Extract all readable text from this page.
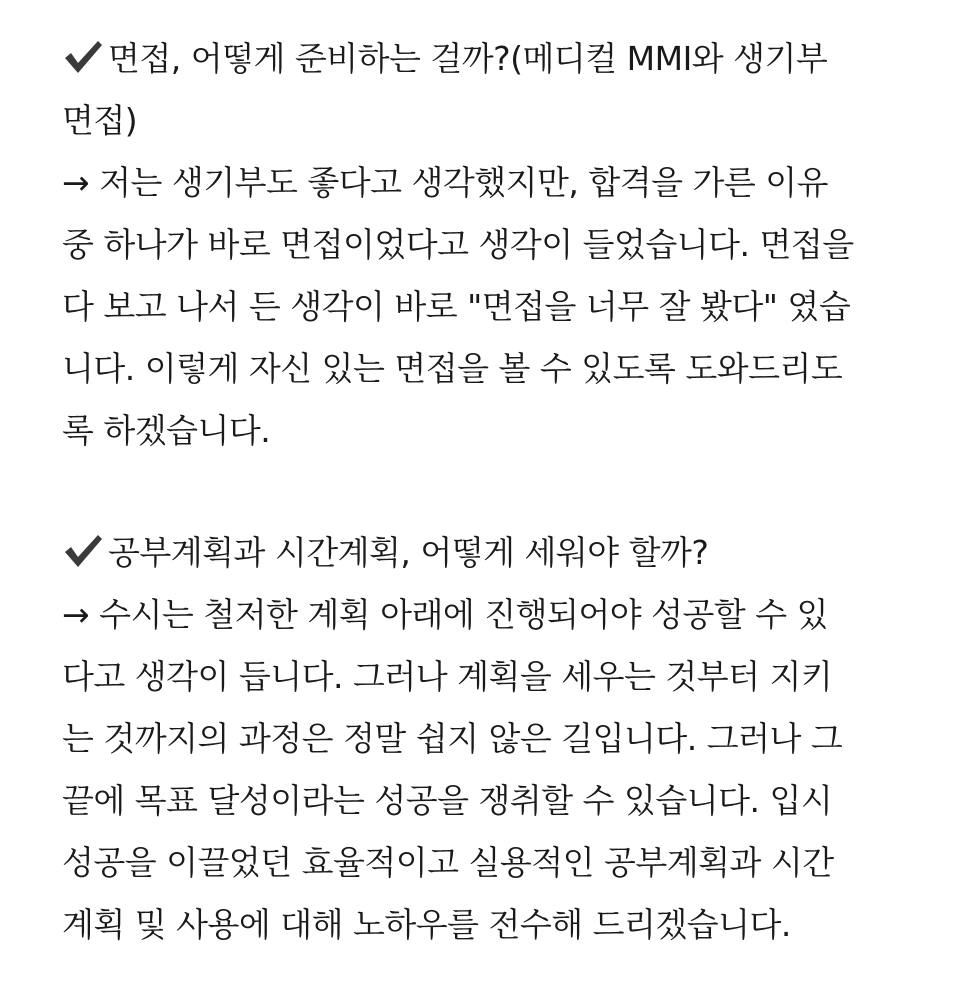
면접, 어떻게 준비하는 걸까?(메디컬 MMI와 생기부
면접)
→ 저는 생기부도 좋다고 생각했지만, 합격을 가른 이유
중 하나가 바로 면접이었다고 생각이 들었습니다. 면접을
다 보고 나서 든 생각이 바로 "면접을 너무 잘 봤다" 였습
니다. 이렇게 자신 있는 면접을 볼 수 있도록 도와드리도
록 하겠습니다.
공부계획과 시간계획, 어떻게 세워야 할까?
→ 수시는 철저한 계획 아래에 진행되어야 성공할 수 있
다고 생각이 듭니다. 그러나 계획을 세우는 것부터 지키
는 것까지의 과정은 정말 쉽지 않은 길입니다. 그러나 그
끝에 목표 달성이라는 성공을 쟁취할 수 있습니다. 입시
성공을 이끌었던 효율적이고 실용적인 공부계획과 시간
계획 및 사용에 대해 노하우를 전수해 드리겠습니다.
